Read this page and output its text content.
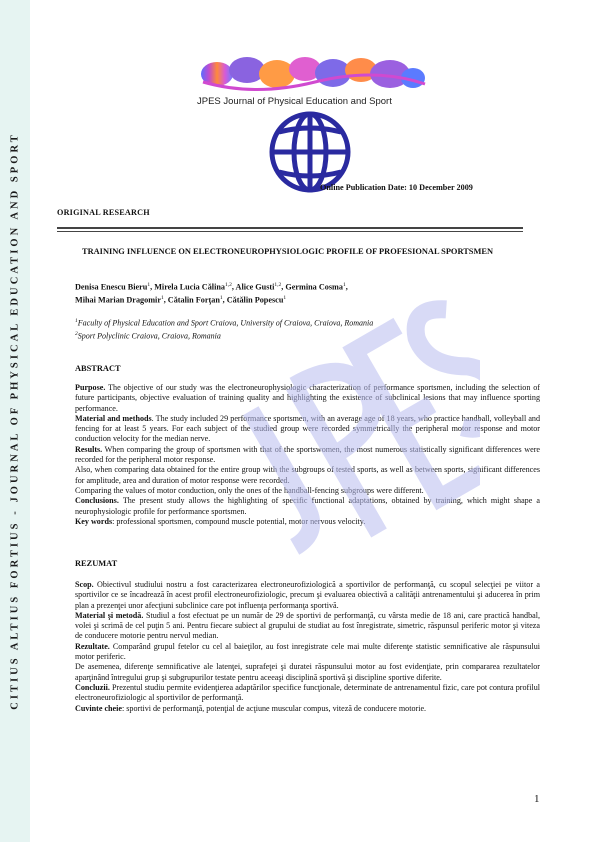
CITIUS ALTIUS FORTIUS - JOURNAL OF PHYSICAL EDUCATION AND SPORT
JPES Journal of Physical Education and Sport
Online Publication Date: 10 December 2009
ORIGINAL RESEARCH
TRAINING INFLUENCE ON ELECTRONEUROPHYSIOLOGIC PROFILE OF PROFESIONAL SPORTSMEN
Denisa Enescu Bieru$^1$, Mirela Lucia Călina$^{1,2}$, Alice Gusti$^{1,2}$, Germina Cosma$^1$,
Mihai Marian Dragomir$^1$, Cătalin Forţan$^1$, Cătălin Popescu$^1$
$^1$Faculty of Physical Education and Sport Craiova, University of Craiova, Craiova, Romania
$^2$Sport Polyclinic Craiova, Craiova, Romania
ABSTRACT

Purpose. The objective of our study was the electroneurophysiologic characterization of performance sportsmen, including the selection of future participants, objective evaluation of training quality and highlighting the existence of subclinical lesions that may influence sporting performance.

Material and methods. The study included 29 performance sportsmen, with an average age of 18 years, who practice handball, volleyball and fencing for at least 5 years. For each subject of the studied group were recorded symmetrically the peripheral motor response and motor conduction velocity for the median nerve.

Results. When comparing the group of sportsmen with that of the sportswomen, the most numerous statistically significant differences were recorded for the peripheral motor response.

Also, when comparing data obtained for the entire group with the subgroups of tested sports, as well as between sports, significant differences for amplitude, area and duration of motor response were recorded.

Comparing the values of motor conduction, only the ones of the handball-fencing subgroups were different.

Conclusions. The present study allows the highlighting of specific functional adaptations, obtained by training, which might shape a neurophysiologic profile for performance sportsmen.

Key words: professional sportsmen, compound muscle potential, motor nervous velocity.

REZUMAT

Scop. Obiectivul studiului nostru a fost caracterizarea electroneurofiziologică a sportivilor de performanţă, cu scopul selecţiei pe viitor a sportivilor ce se încadrează în acest profil electroneurofiziologic, precum şi evaluarea obiectivă a calităţii antrenamentului şi aducerea în prim plan a prezenţei unor afecţiuni subclinice care pot influenţa performanţa sportivă.

Material şi metodă. Studiul a fost efectuat pe un număr de 29 de sportivi de performanţă, cu vârsta medie de 18 ani, care practică handbal, volei şi scrimă de cel puţin 5 ani. Pentru fiecare subiect al grupului de studiat au fost înregistrate, simetric, răspunsul periferic motor şi viteza de conducere motorie pentru nervul median.

Rezultate. Comparând grupul fetelor cu cel al baieţilor, au fost inregistrate cele mai multe diferenţe statistic semnificative ale răspunsului motor periferic.

De asemenea, diferenţe semnificative ale latenţei, suprafeţei şi duratei răspunsului motor au fost evidenţiate, prin compararea rezultatelor aparţinând întregului grup şi subgrupurilor testate pentru aceeaşi disciplină sportivă şi discipline sportive diferite.

Concluzii. Prezentul studiu permite evidenţierea adaptărilor specifice funcţionale, determinate de antrenamentul fizic, care pot contura profilul electroneurofiziologic al sportivilor de performanţă.

Cuvinte cheie: sportivi de performanţă, potenţial de acţiune muscular compus, viteză de conducere motorie.

1
